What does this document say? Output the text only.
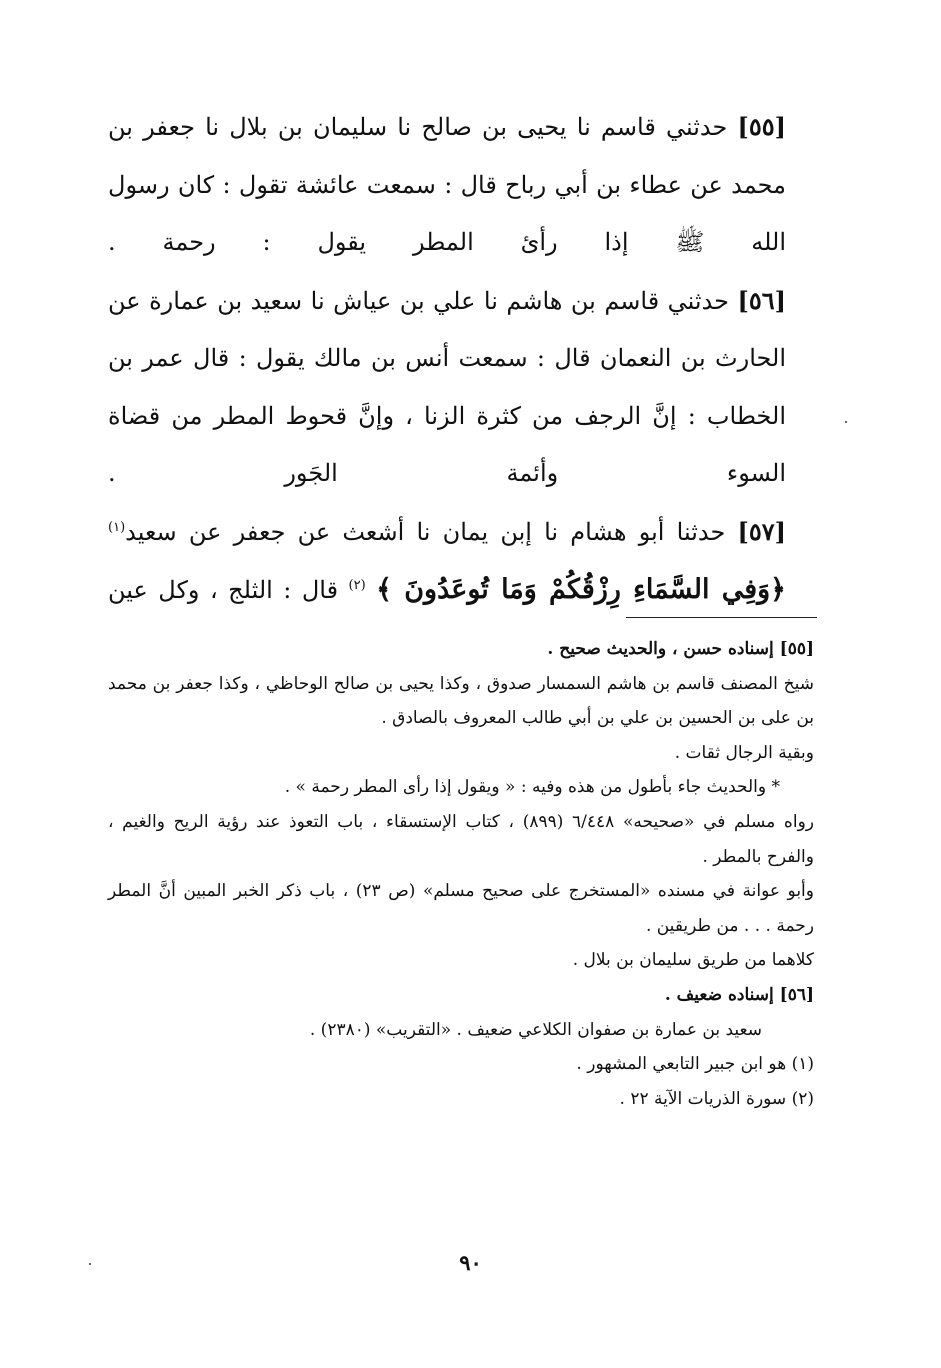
[٥٥] حدثني قاسم نا يحيى بن صالح نا سليمان بن بلال نا جعفر بن محمد عن عطاء بن أبي رباح قال : سمعت عائشة تقول : كان رسول الله ﷺ إذا رأئ المطر يقول : رحمة .

[٥٦] حدثني قاسم بن هاشم نا علي بن عياش نا سعيد بن عمارة عن الحارث بن النعمان قال : سمعت أنس بن مالك يقول : قال عمر بن الخطاب : إنَّ الرجف من كثرة الزنا ، وإنَّ قحوط المطر من قضاة السوء وأئمة الجَور .

[٥٧] حدثنا أبو هشام نا إبن يمان نا أشعث عن جعفر عن سعيد$^{(١)}$ ﴿وَفِي السَّمَاءِ رِزْقُكُمْ وَمَا تُوعَدُونَ ﴾ $^{(٢)}$ قال : الثلج ، وكل عين

[٥٥] إسناده حسن ، والحديث صحيح .

شيخ المصنف قاسم بن هاشم السمسار صدوق ، وكذا يحيى بن صالح الوحاظي ، وكذا جعفر بن محمد بن على بن الحسين بن علي بن أبي طالب المعروف بالصادق .

وبقية الرجال ثقات .

* والحديث جاء بأطول من هذه وفيه : « ويقول إذا رأى المطر رحمة » .

رواه مسلم في «صحيحه» ٦/٤٤٨ (٨٩٩) ، كتاب الإستسقاء ، باب التعوذ عند رؤية الريح والغيم ، والفرح بالمطر .

وأبو عوانة في مسنده «المستخرج على صحيح مسلم» (ص ٢٣) ، باب ذكر الخبر المبين أنَّ المطر رحمة . . . من طريقين .

كلاهما من طريق سليمان بن بلال .

[٥٦] إسناده ضعيف .

سعيد بن عمارة بن صفوان الكلاعي ضعيف . «التقريب» (٢٣٨٠) .

(١) هو ابن جبير التابعي المشهور .

(٢) سورة الذريات الآية ٢٢ .

٩٠
